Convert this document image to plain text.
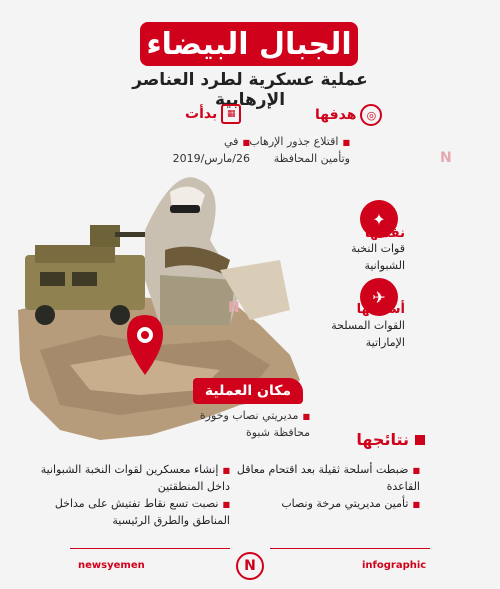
الجبال البيضاء
عملية عسكرية لطرد العناصر الإرهابية
◎
هدفها
■اقتلاع جذور الإرهاب
وتأمين المحافظة
▦
بدأت
■في
26/مارس/2019	N
N
✦
نفذتها
قوات النخبة
الشبوانية
✈
أسندتها
القوات المسلحة
الإماراتية
مكان العملية
■مديريتي نصاب وخورة
محافظة شبوة	نتائجها
■ضبطت أسلحة ثقيلة بعد اقتحام معاقل
القاعدة
■تأمين مديريتي مرخة ونصاب
■إنشاء معسكرين لقوات النخبة الشبوانية
داخل المنطقتين
■نصبت تسع نقاط تفتيش على مداخل
المناطق والطرق الرئيسية
newsyemen	N	infographic
